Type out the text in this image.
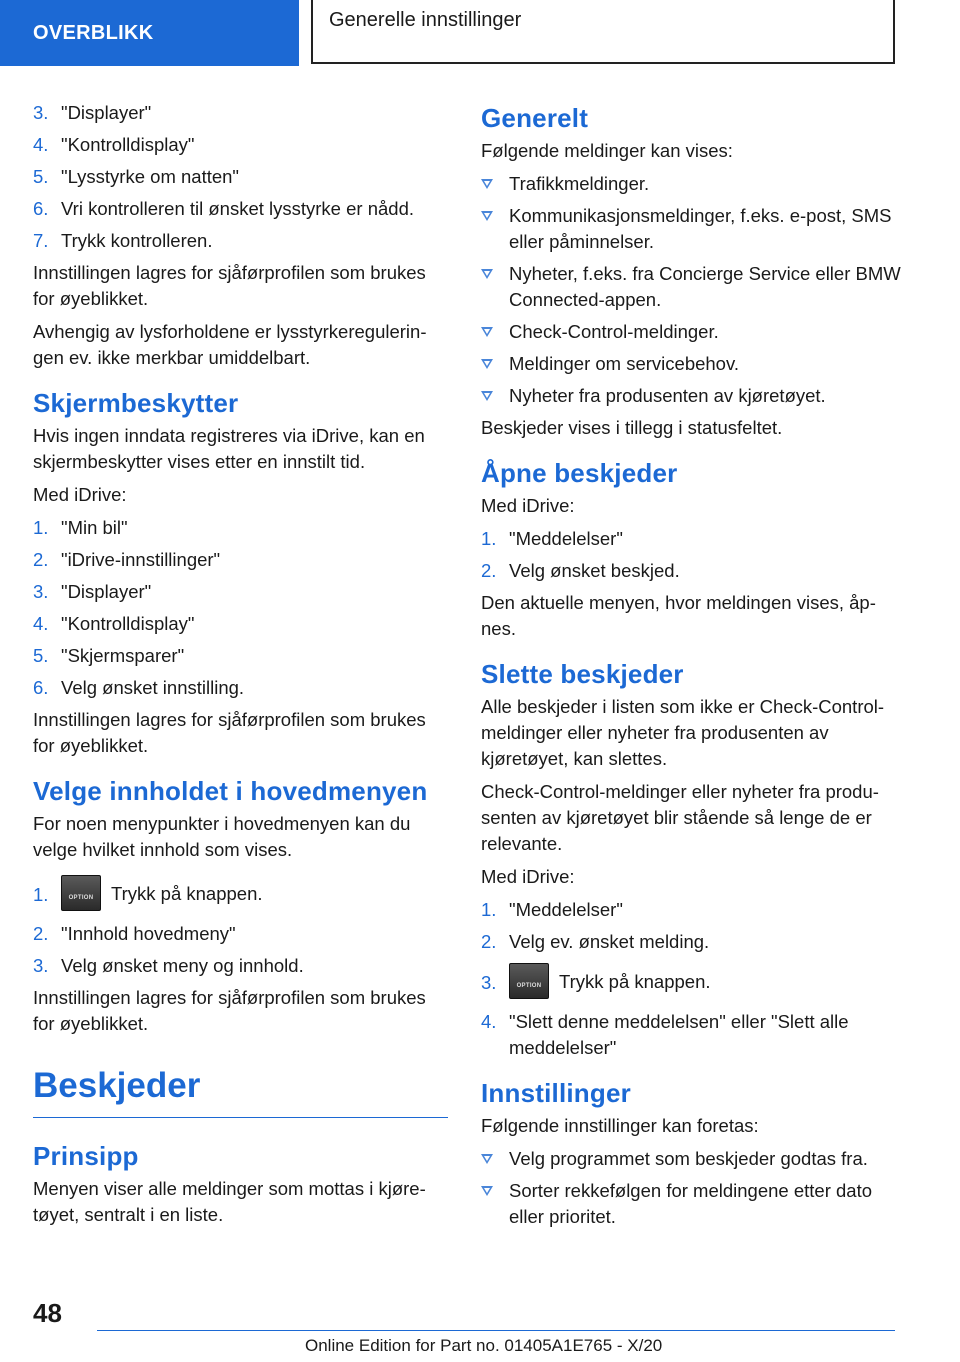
OVERBLIKK
Generelle innstillinger
3. "Displayer"
4. "Kontrolldisplay"
5. "Lysstyrke om natten"
6. Vri kontrolleren til ønsket lysstyrke er nådd.
7. Trykk kontrolleren.

Innstillingen lagres for sjåførprofilen som brukes for øyeblikket.

Avhengig av lysforholdene er lysstyrkereguleringen ev. ikke merkbar umiddelbart.

Skjermbeskytter

Hvis ingen inndata registreres via iDrive, kan en skjermbeskytter vises etter en innstilt tid.

Med iDrive:

1. "Min bil"
2. "iDrive-innstillinger"
3. "Displayer"
4. "Kontrolldisplay"
5. "Skjermsparer"
6. Velg ønsket innstilling.

Innstillingen lagres for sjåførprofilen som brukes for øyeblikket.

Velge innholdet i hovedmenyen

For noen menypunkter i hovedmenyen kan du velge hvilket innhold som vises.

1.	OPTION Trykk på knappen.
2. "Innhold hovedmeny"
3. Velg ønsket meny og innhold.

Innstillingen lagres for sjåførprofilen som brukes for øyeblikket.

Beskjeder
Prinsipp

Menyen viser alle meldinger som mottas i kjøretøyet, sentralt i en liste.

Generelt

Følgende meldinger kan vises:

Trafikkmeldinger.
Kommunikasjonsmeldinger, f.eks. e-post, SMS eller påminnelser.
Nyheter, f.eks. fra Concierge Service eller BMW Connected-appen.
Check-Control-meldinger.
Meldinger om servicebehov.
Nyheter fra produsenten av kjøretøyet.

Beskjeder vises i tillegg i statusfeltet.

Åpne beskjeder

Med iDrive:

1. "Meddelelser"
2. Velg ønsket beskjed.

Den aktuelle menyen, hvor meldingen vises, åpnes.

Slette beskjeder

Alle beskjeder i listen som ikke er Check-Control-meldinger eller nyheter fra produsenten av kjøretøyet, kan slettes.

Check-Control-meldinger eller nyheter fra produsenten av kjøretøyet blir stående så lenge de er relevante.

Med iDrive:

1. "Meddelelser"
2. Velg ev. ønsket melding.
3.	OPTION Trykk på knappen.
4. "Slett denne meddelelsen" eller "Slett alle meddelelser"
Innstillinger

Følgende innstillinger kan foretas:

Velg programmet som beskjeder godtas fra.
Sorter rekkefølgen for meldingene etter dato eller prioritet.
48
Online Edition for Part no. 01405A1E765 - X/20
